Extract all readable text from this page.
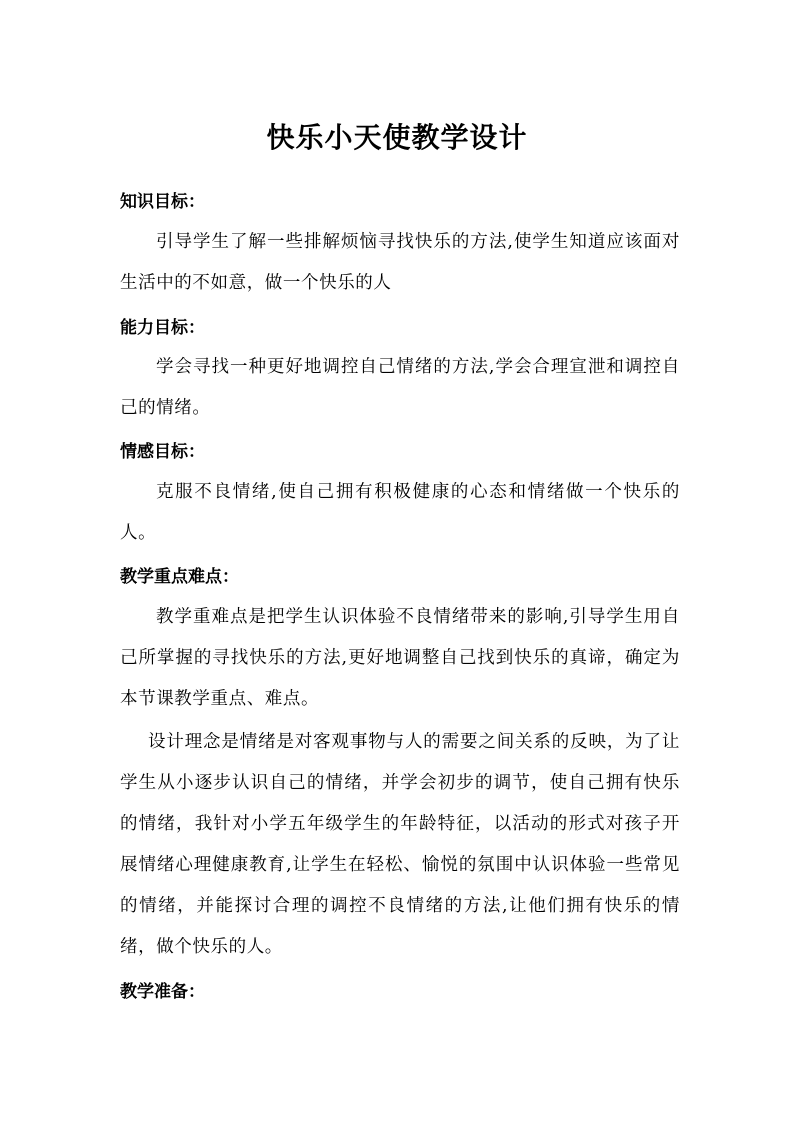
快乐小天使教学设计
知识目标：
引导学生了解一些排解烦恼寻找快乐的方法,使学生知道应该面对生活中的不如意，做一个快乐的人
能力目标：
学会寻找一种更好地调控自己情绪的方法,学会合理宣泄和调控自己的情绪。
情感目标：
克服不良情绪,使自己拥有积极健康的心态和情绪做一个快乐的人。
教学重点难点：
教学重难点是把学生认识体验不良情绪带来的影响,引导学生用自己所掌握的寻找快乐的方法,更好地调整自己找到快乐的真谛，确定为本节课教学重点、难点。
设计理念是情绪是对客观事物与人的需要之间关系的反映，为了让学生从小逐步认识自己的情绪，并学会初步的调节，使自己拥有快乐的情绪，我针对小学五年级学生的年龄特征，以活动的形式对孩子开展情绪心理健康教育,让学生在轻松、愉悦的氛围中认识体验一些常见的情绪，并能探讨合理的调控不良情绪的方法,让他们拥有快乐的情绪，做个快乐的人。
教学准备：
